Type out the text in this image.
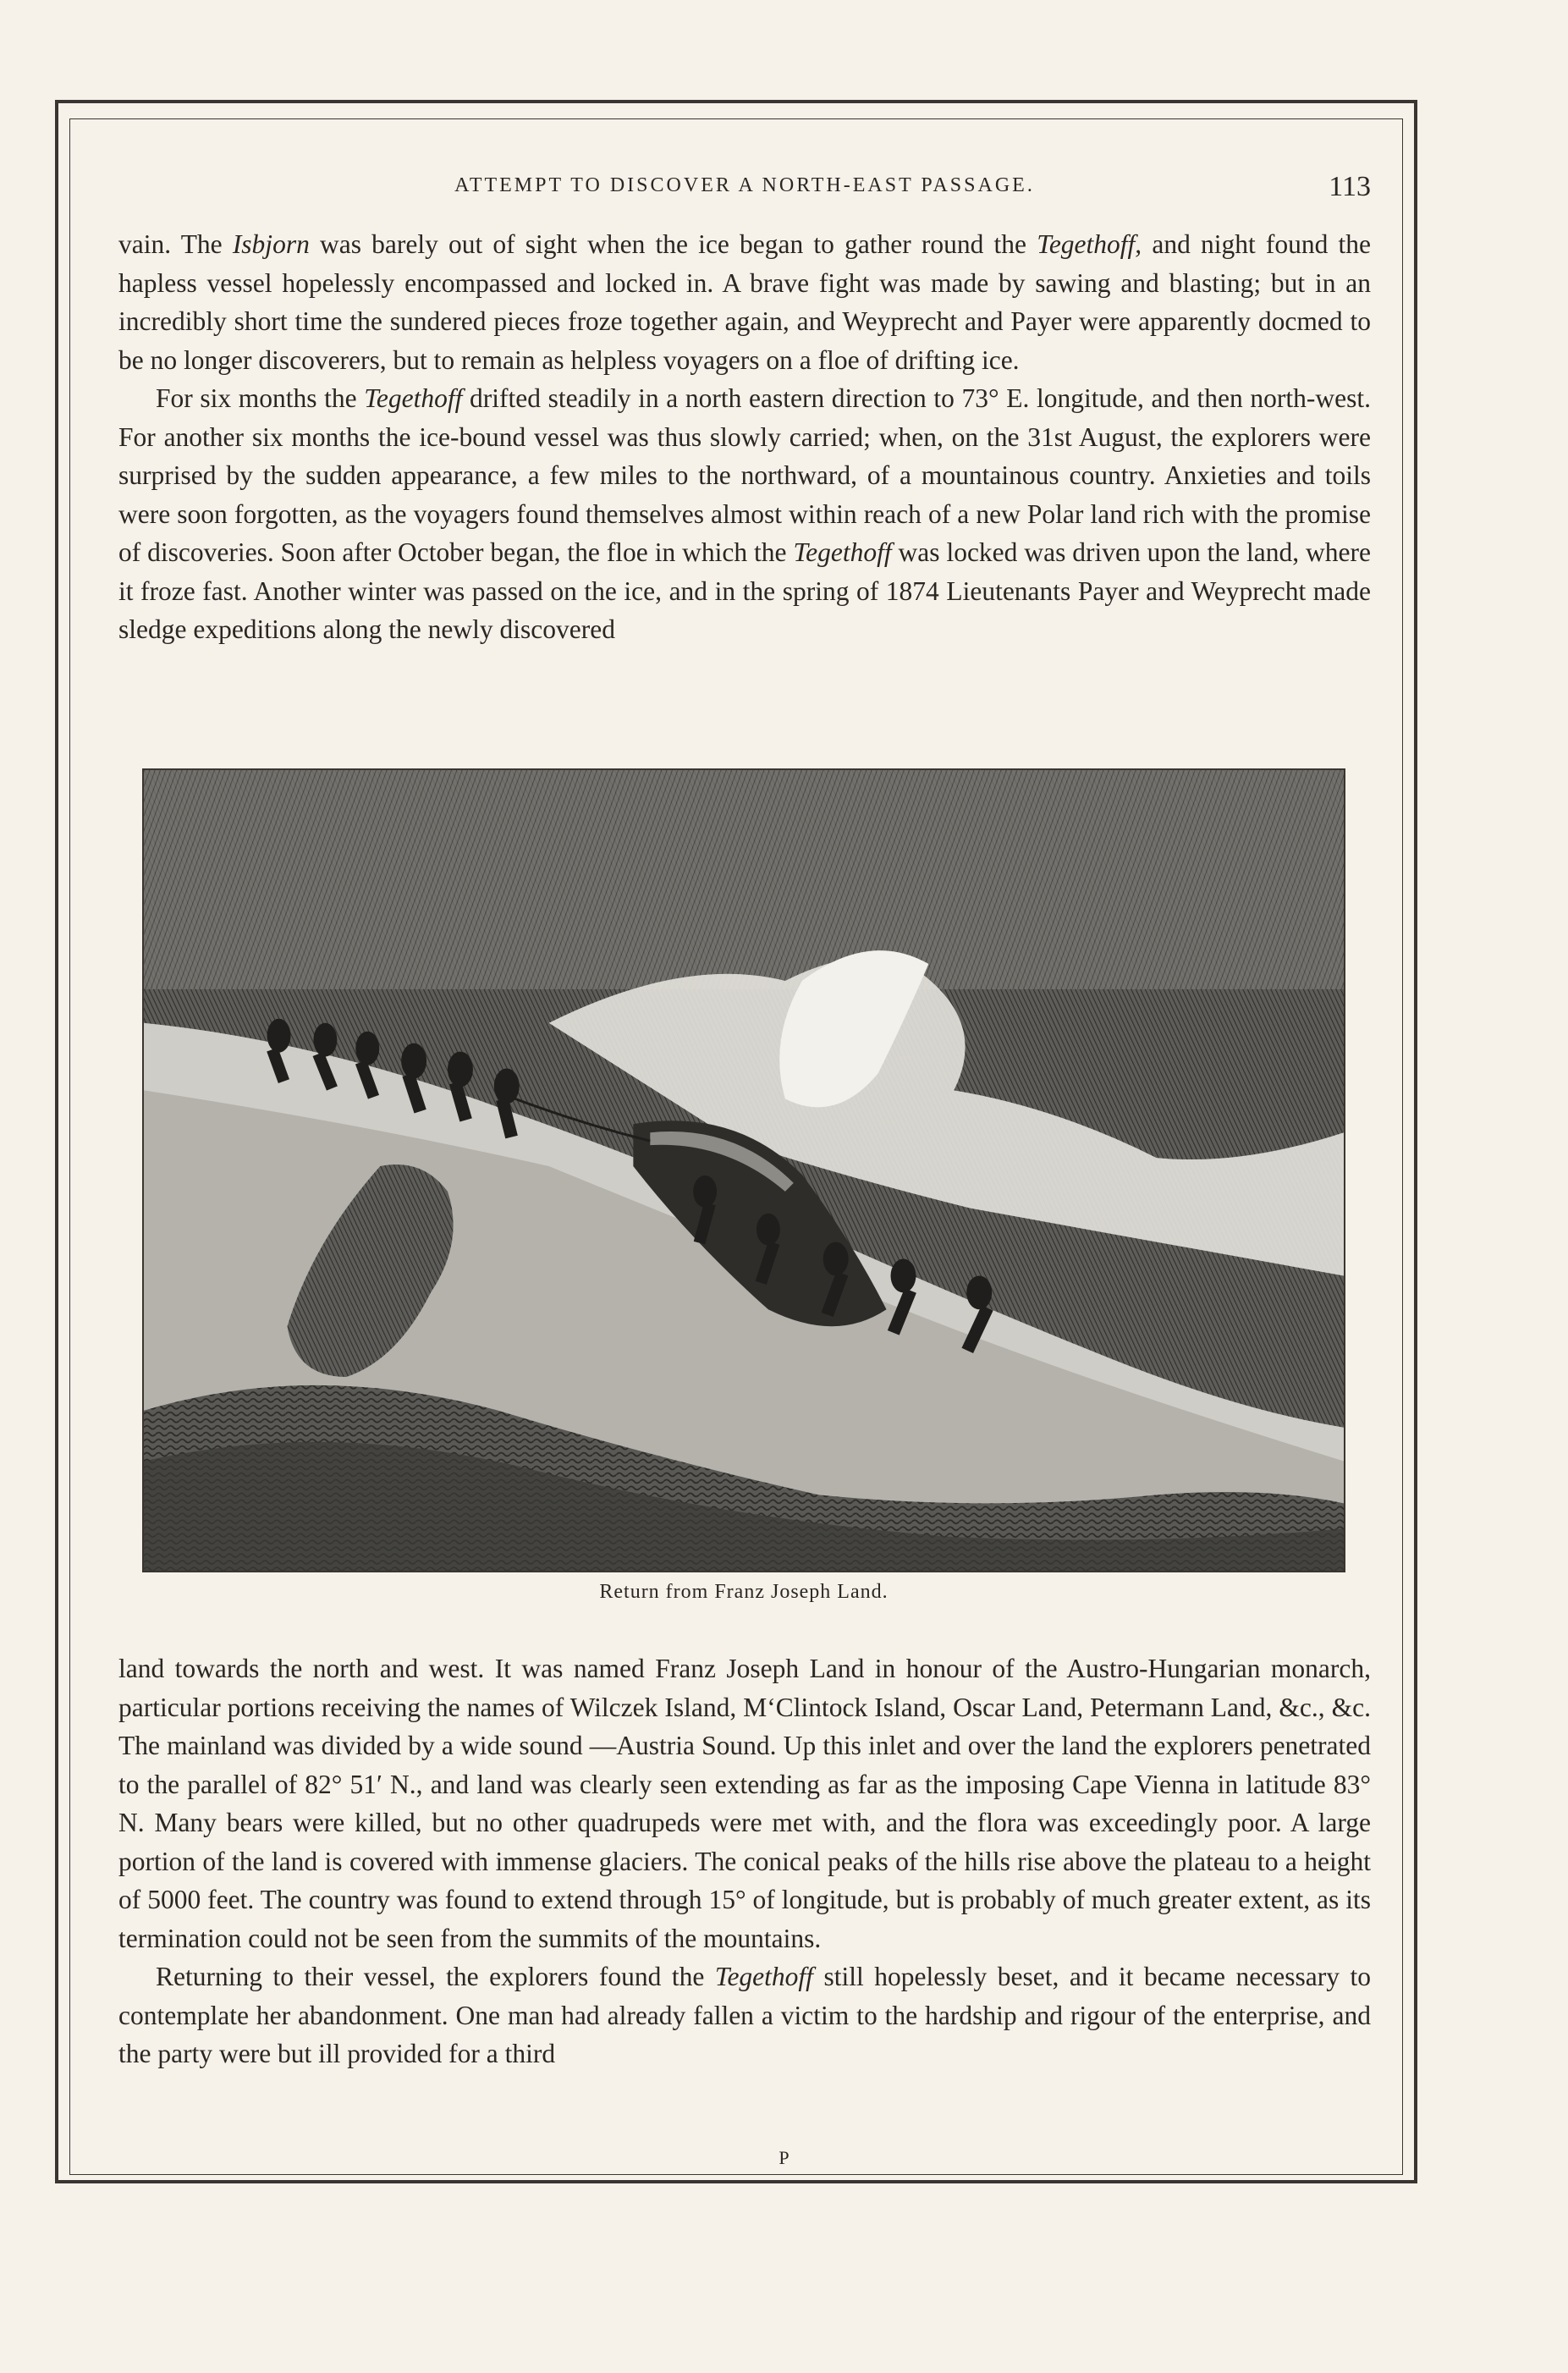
ATTEMPT TO DISCOVER A NORTH-EAST PASSAGE.	113

vain. The Isbjorn was barely out of sight when the ice began to gather round the Tegethoff, and night found the hapless vessel hopelessly encompassed and locked in. A brave fight was made by sawing and blasting; but in an incredibly short time the sundered pieces froze together again, and Weyprecht and Payer were apparently docmed to be no longer discoverers, but to remain as helpless voyagers on a floe of drifting ice.

For six months the Tegethoff drifted steadily in a north eastern direction to 73° E. longitude, and then north-west. For another six months the ice-bound vessel was thus slowly carried; when, on the 31st August, the explorers were surprised by the sudden appearance, a few miles to the northward, of a mountainous country. Anxieties and toils were soon forgotten, as the voyagers found themselves almost within reach of a new Polar land rich with the promise of discoveries. Soon after October began, the floe in which the Tegethoff was locked was driven upon the land, where it froze fast. Another winter was passed on the ice, and in the spring of 1874 Lieutenants Payer and Weyprecht made sledge expeditions along the newly discovered

Return from Franz Joseph Land.

land towards the north and west. It was named Franz Joseph Land in honour of the Austro-Hungarian monarch, particular portions receiving the names of Wilczek Island, M‘Clintock Island, Oscar Land, Petermann Land, &c., &c. The mainland was divided by a wide sound —Austria Sound. Up this inlet and over the land the explorers penetrated to the parallel of 82° 51′ N., and land was clearly seen extending as far as the imposing Cape Vienna in latitude 83° N. Many bears were killed, but no other quadrupeds were met with, and the flora was exceedingly poor. A large portion of the land is covered with immense glaciers. The conical peaks of the hills rise above the plateau to a height of 5000 feet. The country was found to extend through 15° of longitude, but is probably of much greater extent, as its termination could not be seen from the summits of the mountains.

Returning to their vessel, the explorers found the Tegethoff still hopelessly beset, and it became necessary to contemplate her abandonment. One man had already fallen a victim to the hardship and rigour of the enterprise, and the party were but ill provided for a third

P
